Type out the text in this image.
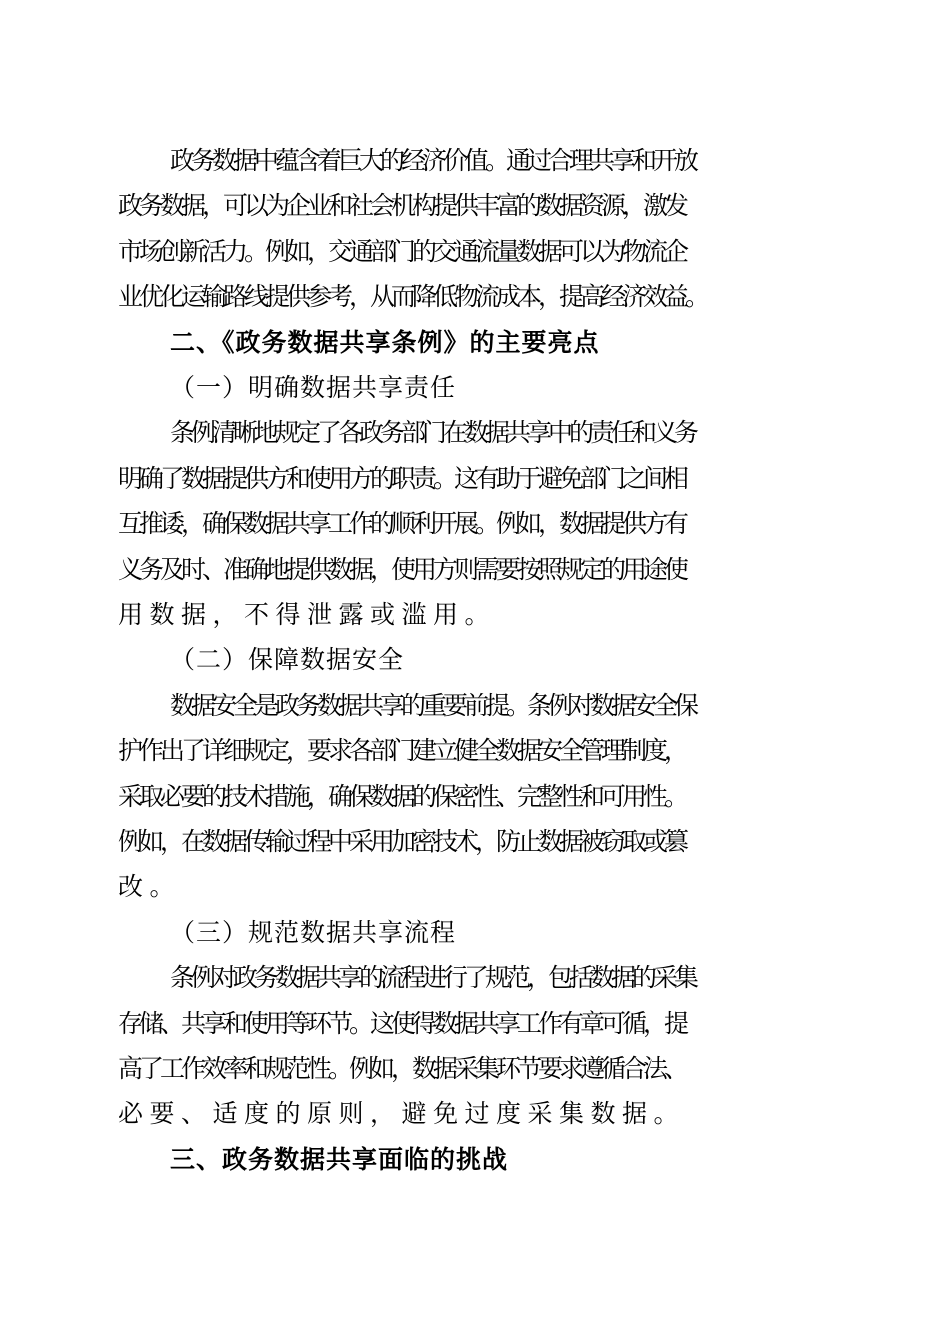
政务数据中蕴含着巨大的经济价值。通过合理共享和开放
政务数据，可以为企业和社会机构提供丰富的数据资源，激发
市场创新活力。例如，交通部门的交通流量数据可以为物流企
业优化运输路线提供参考，从而降低物流成本，提高经济效益。
二、《政务数据共享条例》的主要亮点
（一）明确数据共享责任
条例清晰地规定了各政务部门在数据共享中的责任和义务
明确了数据提供方和使用方的职责。这有助于避免部门之间相
互推诿，确保数据共享工作的顺利开展。例如，数据提供方有
义务及时、准确地提供数据，使用方则需要按照规定的用途使
用数据，不得泄露或滥用。
（二）保障数据安全
数据安全是政务数据共享的重要前提。条例对数据安全保
护作出了详细规定，要求各部门建立健全数据安全管理制度，
采取必要的技术措施，确保数据的保密性、完整性和可用性。
例如，在数据传输过程中采用加密技术，防止数据被窃取或篡
改。
（三）规范数据共享流程
条例对政务数据共享的流程进行了规范，包括数据的采集
存储、共享和使用等环节。这使得数据共享工作有章可循，提
高了工作效率和规范性。例如，数据采集环节要求遵循合法、
必要、适度的原则，避免过度采集数据。
三、政务数据共享面临的挑战
